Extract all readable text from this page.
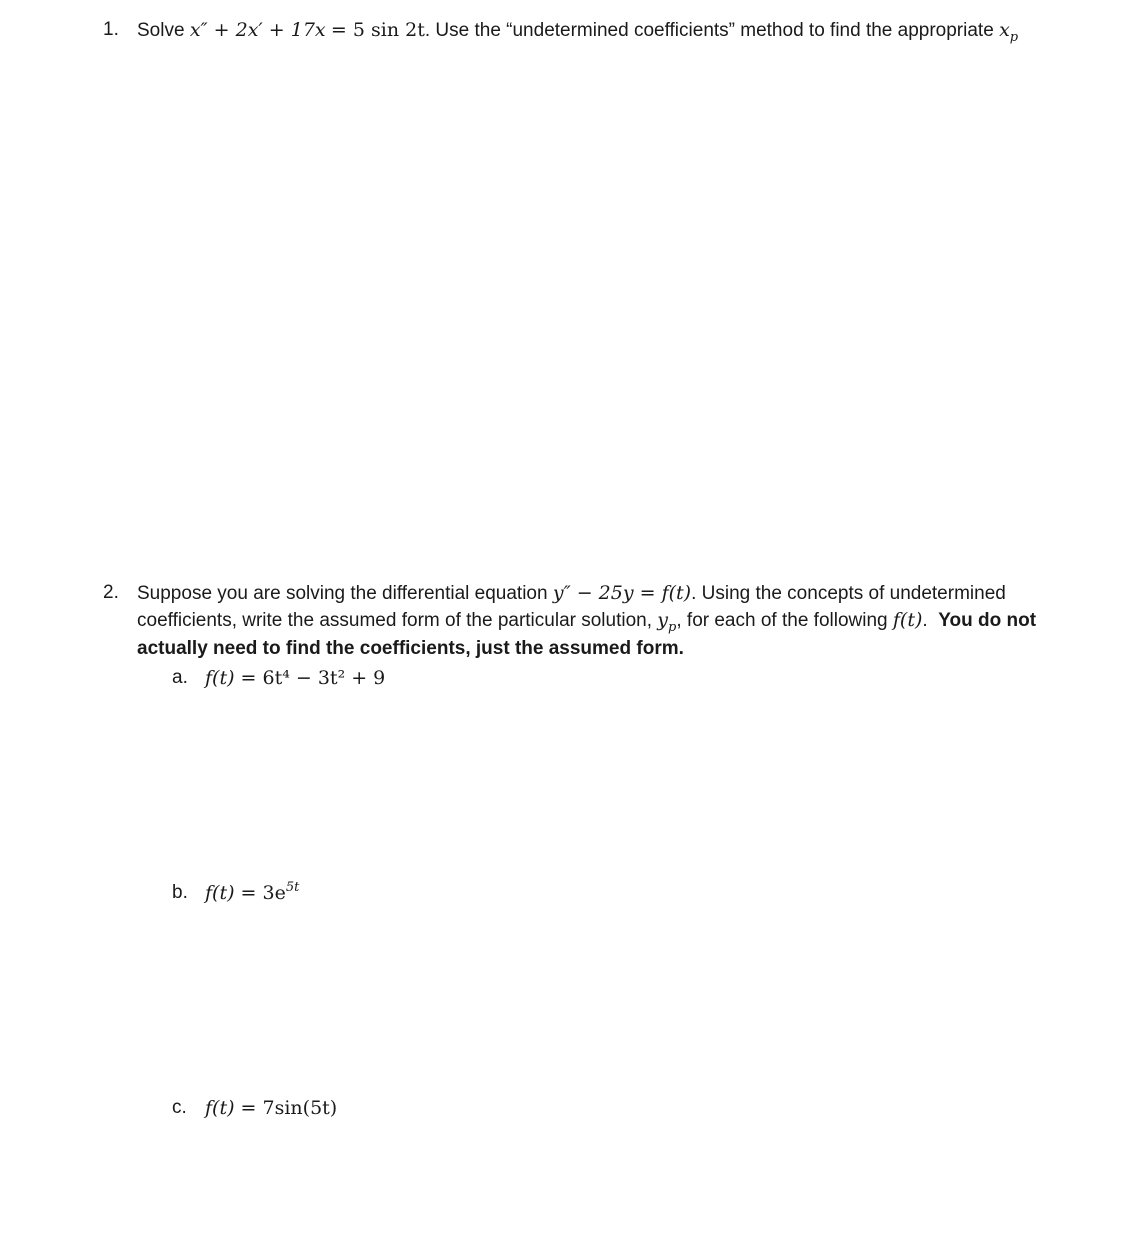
1. Solve x″ + 2x′ + 17x = 5 sin 2t. Use the “undetermined coefficients” method to find the appropriate $x_p$
2. Suppose you are solving the differential equation y″ − 25y = f(t). Using the concepts of undetermined
coefficients, write the assumed form of the particular solution, $y_p$, for each of the following f(t). You do not
actually need to find the coefficients, just the assumed form.
a. f(t) = 6t⁴ − 3t² + 9
b. $f(t) = 3e^{5t}$
c. f(t) = 7sin(5t)
